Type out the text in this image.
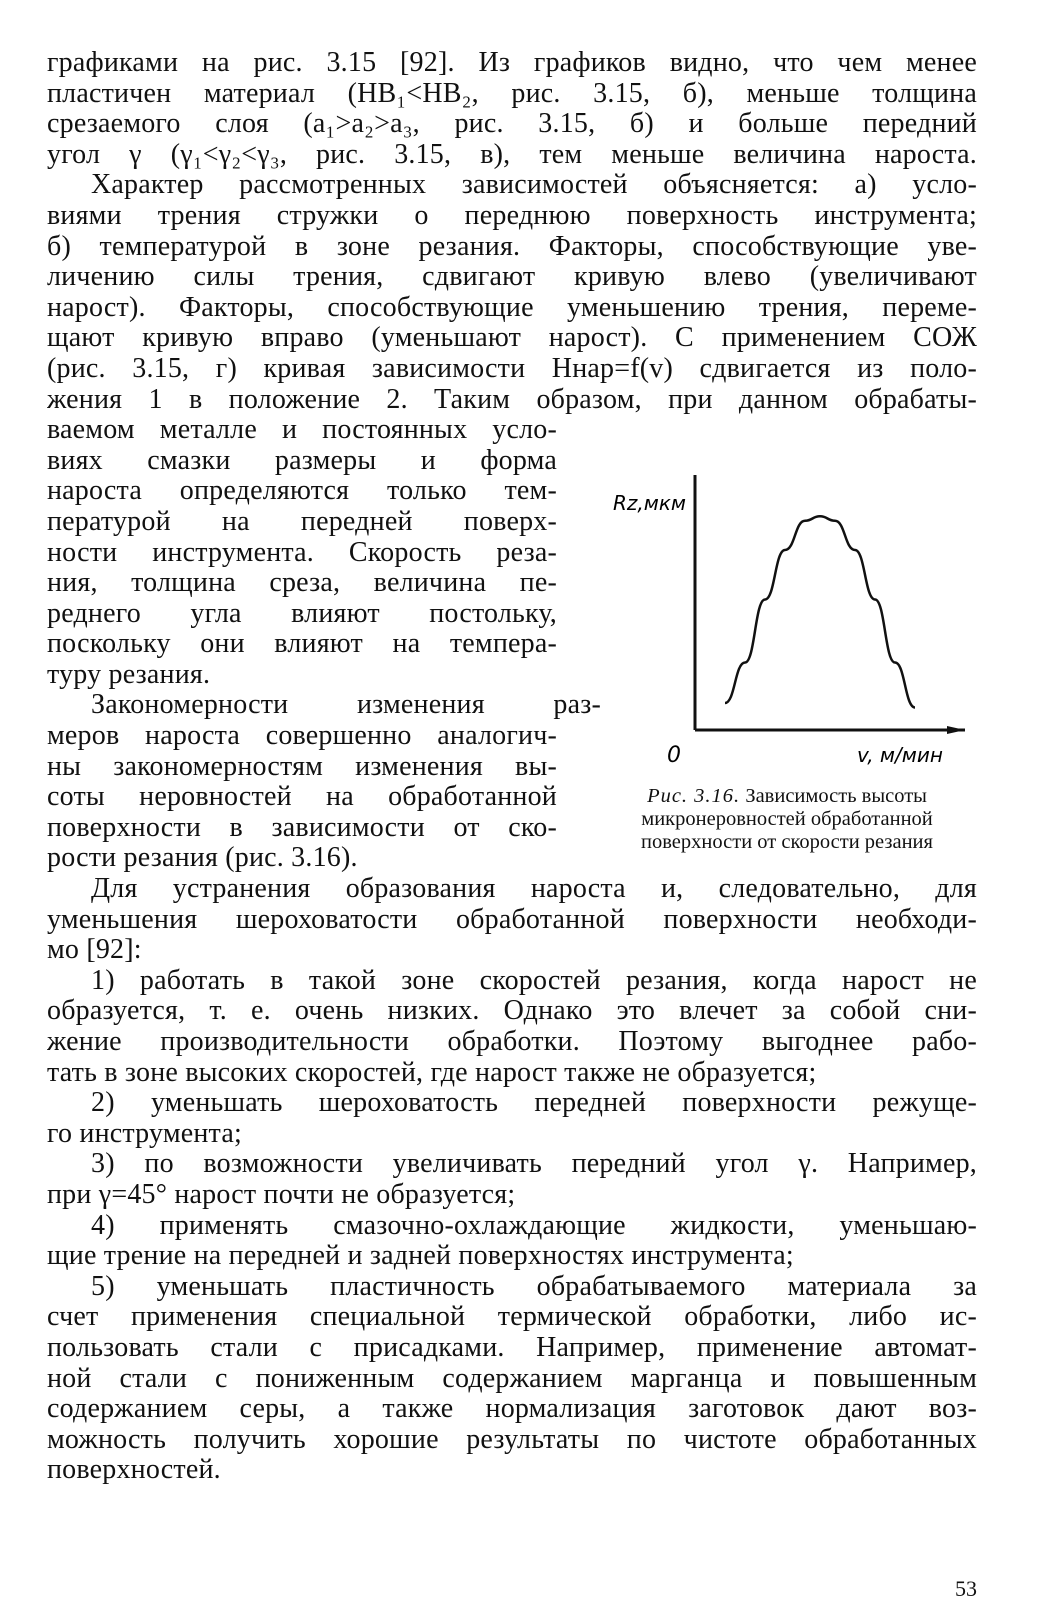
графиками на рис. 3.15 [92]. Из графиков видно, что чем менее
пластичен материал (HB₁<HB₂, рис. 3.15, б), меньше толщина
срезаемого слоя (a₁>a₂>a₃, рис. 3.15, б) и больше передний
угол γ (γ₁<γ₂<γ₃, рис. 3.15, в), тем меньше величина нароста.
Характер рассмотренных зависимостей объясняется: а) усло-
виями трения стружки о переднюю поверхность инструмента;
б) температурой в зоне резания. Факторы, способствующие уве-
личению силы трения, сдвигают кривую влево (увеличивают
нарост). Факторы, способствующие уменьшению трения, переме-
щают кривую вправо (уменьшают нарост). С применением СОЖ
(рис. 3.15, г) кривая зависимости Hнар=f(v) сдвигается из поло-
жения 1 в положение 2. Таким образом, при данном обрабаты-
ваемом металле и постоянных усло-
виях смазки размеры и форма
нароста определяются только тем-
пературой на передней поверх-
ности инструмента. Скорость реза-
ния, толщина среза, величина пе-
реднего угла влияют постольку,
поскольку они влияют на темпера-
туру резания.
Закономерности изменения раз-
меров нароста совершенно аналогич-
ны закономерностям изменения вы-
соты неровностей на обработанной
поверхности в зависимости от ско-
рости резания (рис. 3.16).
Для устранения образования нароста и, следовательно, для
уменьшения шероховатости обработанной поверхности необходи-
мо [92]:
1) работать в такой зоне скоростей резания, когда нарост не
образуется, т. е. очень низких. Однако это влечет за собой сни-
жение производительности обработки. Поэтому выгоднее рабо-
тать в зоне высоких скоростей, где нарост также не образуется;
2) уменьшать шероховатость передней поверхности режуще-
го инструмента;
3) по возможности увеличивать передний угол γ. Например,
при γ=45° нарост почти не образуется;
4) применять смазочно-охлаждающие жидкости, уменьшаю-
щие трение на передней и задней поверхностях инструмента;
5) уменьшать пластичность обрабатываемого материала за
счет применения специальной термической обработки, либо ис-
пользовать стали с присадками. Например, применение автомат-
ной стали с пониженным содержанием марганца и повышенным
содержанием серы, а также нормализация заготовок дают воз-
можность получить хорошие результаты по чистоте обработанных
поверхностей.
Rz,мкм
v, м/мин
0
Рис. 3.16. Зависимость высоты микронеровностей обработанной поверхности от скорости резания
53
